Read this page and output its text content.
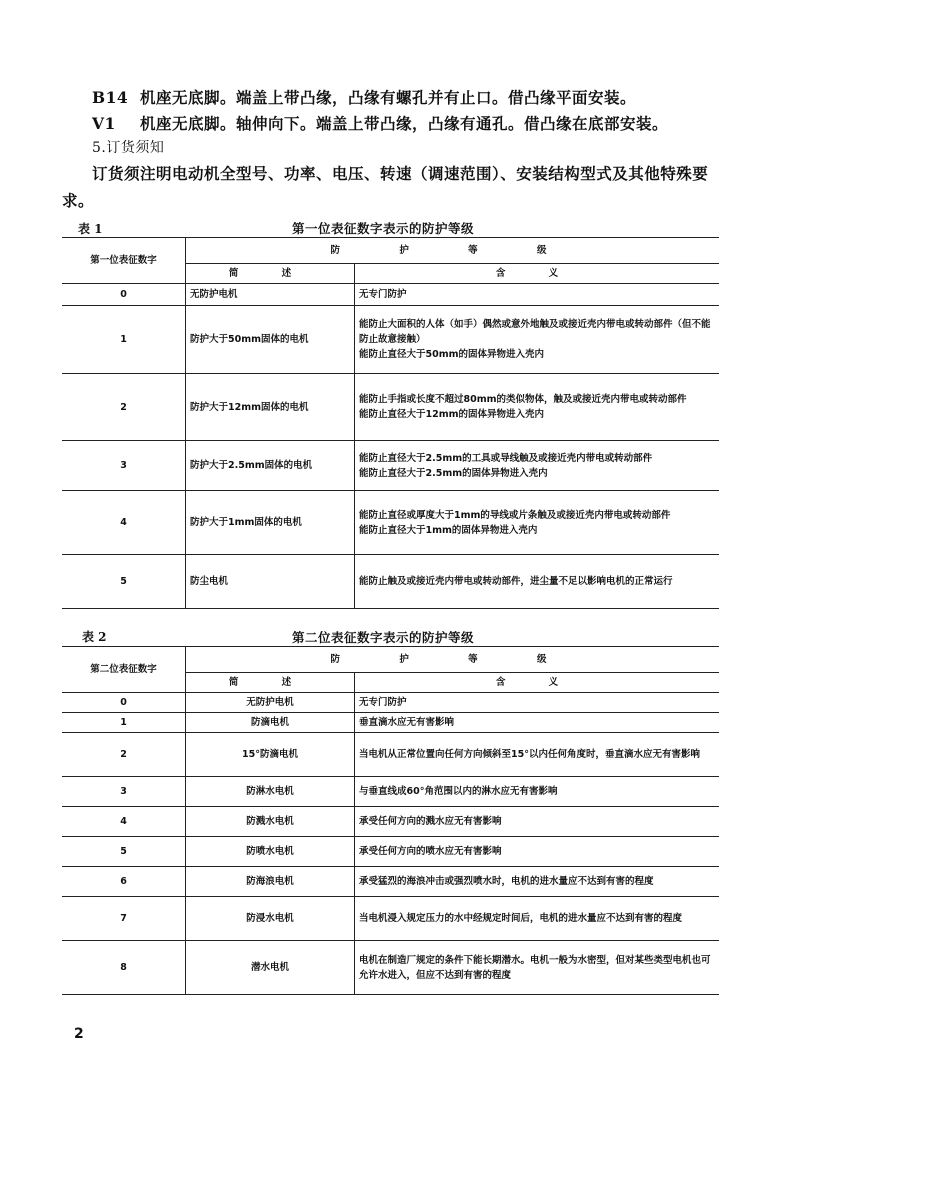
B14 机座无底脚。端盖上带凸缘，凸缘有螺孔并有止口。借凸缘平面安装。
V1 机座无底脚。轴伸向下。端盖上带凸缘，凸缘有通孔。借凸缘在底部安装。
5.订货须知
订货须注明电动机全型号、功率、电压、转速（调速范围）、安装结构型式及其他特殊要求。
表 1	第一位表征数字表示的防护等级
第一位表征数字	防 护 等 级	
	简 述	含 义
0	无防护电机	无专门防护
1	防护大于50mm固体的电机	能防止大面积的人体（如手）偶然或意外地触及或接近壳内带电或转动部件（但不能防止故意接触）
能防止直径大于50mm的固体异物进入壳内
2	防护大于12mm固体的电机	能防止手指或长度不超过80mm的类似物体，触及或接近壳内带电或转动部件
能防止直径大于12mm的固体异物进入壳内
3	防护大于2.5mm固体的电机	能防止直径大于2.5mm的工具或导线触及或接近壳内带电或转动部件
能防止直径大于2.5mm的固体异物进入壳内
4	防护大于1mm固体的电机	能防止直径或厚度大于1mm的导线或片条触及或接近壳内带电或转动部件
能防止直径大于1mm的固体异物进入壳内
5	防尘电机	能防止触及或接近壳内带电或转动部件，进尘量不足以影响电机的正常运行
表 2	第二位表征数字表示的防护等级
第二位表征数字	防 护 等 级	
	简 述	含 义
0	无防护电机	无专门防护
1	防滴电机	垂直滴水应无有害影响
2	15°防滴电机	当电机从正常位置向任何方向倾斜至15°以内任何角度时，垂直滴水应无有害影响
3	防淋水电机	与垂直线成60°角范围以内的淋水应无有害影响
4	防溅水电机	承受任何方向的溅水应无有害影响
5	防喷水电机	承受任何方向的喷水应无有害影响
6	防海浪电机	承受猛烈的海浪冲击或强烈喷水时，电机的进水量应不达到有害的程度
7	防浸水电机	当电机浸入规定压力的水中经规定时间后，电机的进水量应不达到有害的程度
8	潜水电机	电机在制造厂规定的条件下能长期潜水。电机一般为水密型，但对某些类型电机也可允许水进入，但应不达到有害的程度
2
